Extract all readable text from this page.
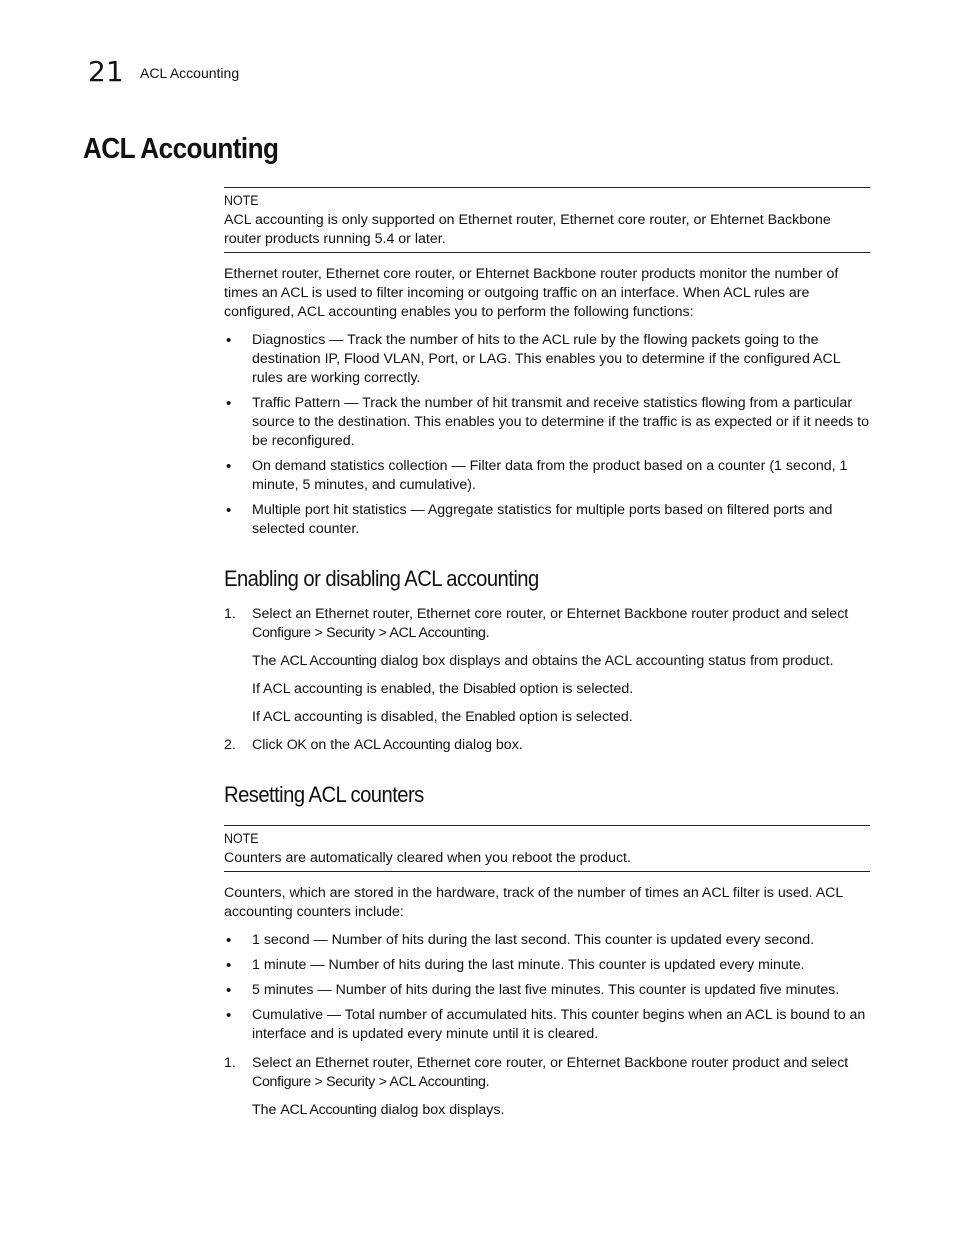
21 ACL Accounting
ACL Accounting
NOTE

ACL accounting is only supported on Ethernet router, Ethernet core router, or Ehternet Backbone router products running 5.4 or later.

Ethernet router, Ethernet core router, or Ehternet Backbone router products monitor the number of times an ACL is used to filter incoming or outgoing traffic on an interface. When ACL rules are configured, ACL accounting enables you to perform the following functions:

• Diagnostics — Track the number of hits to the ACL rule by the flowing packets going to the destination IP, Flood VLAN, Port, or LAG. This enables you to determine if the configured ACL rules are working correctly.
• Traffic Pattern — Track the number of hit transmit and receive statistics flowing from a particular source to the destination. This enables you to determine if the traffic is as expected or if it needs to be reconfigured.
• On demand statistics collection — Filter data from the product based on a counter (1 second, 1 minute, 5 minutes, and cumulative).
• Multiple port hit statistics — Aggregate statistics for multiple ports based on filtered ports and selected counter.
Enabling or disabling ACL accounting
1. Select an Ethernet router, Ethernet core router, or Ehternet Backbone router product and select Configure > Security > ACL Accounting.

The ACL Accounting dialog box displays and obtains the ACL accounting status from product.

If ACL accounting is enabled, the Disabled option is selected.

If ACL accounting is disabled, the Enabled option is selected.

2. Click OK on the ACL Accounting dialog box.
Resetting ACL counters
NOTE

Counters are automatically cleared when you reboot the product.

Counters, which are stored in the hardware, track of the number of times an ACL filter is used. ACL accounting counters include:

• 1 second — Number of hits during the last second. This counter is updated every second.
• 1 minute — Number of hits during the last minute. This counter is updated every minute.
• 5 minutes — Number of hits during the last five minutes. This counter is updated five minutes.
• Cumulative — Total number of accumulated hits. This counter begins when an ACL is bound to an interface and is updated every minute until it is cleared.
1. Select an Ethernet router, Ethernet core router, or Ehternet Backbone router product and select Configure > Security > ACL Accounting.

The ACL Accounting dialog box displays.
